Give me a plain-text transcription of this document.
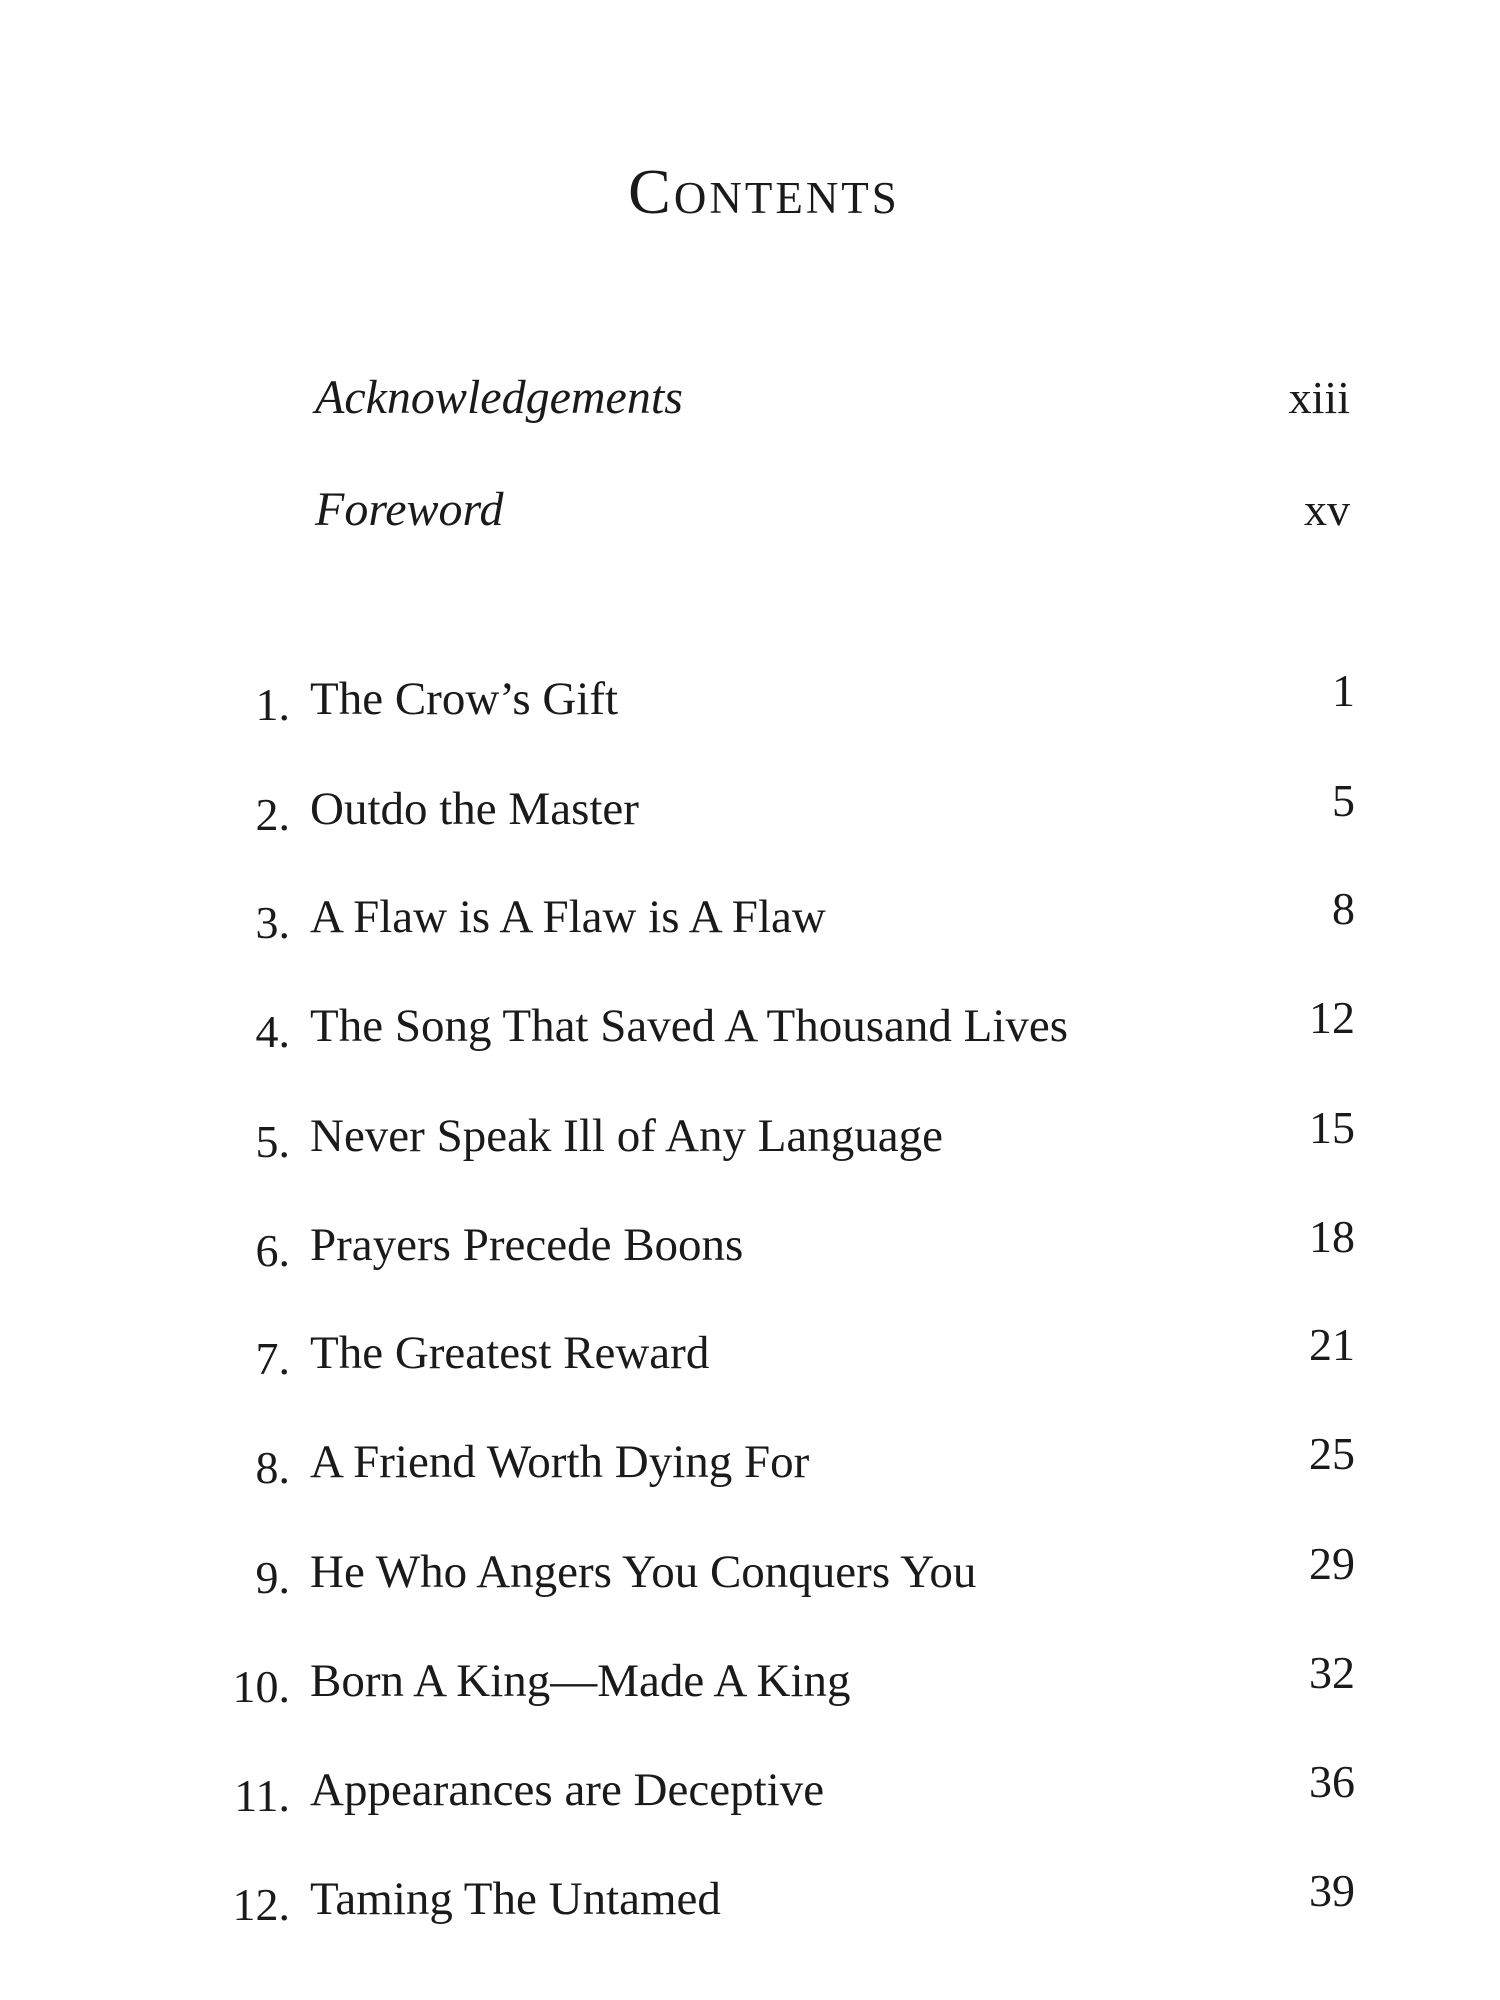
Contents
Acknowledgements	xiii
Foreword	xv
1. The Crow’s Gift	1
2. Outdo the Master	5
3. A Flaw is A Flaw is A Flaw	8
4. The Song That Saved A Thousand Lives	12
5. Never Speak Ill of Any Language	15
6. Prayers Precede Boons	18
7. The Greatest Reward	21
8. A Friend Worth Dying For	25
9. He Who Angers You Conquers You	29
10. Born A King—Made A King	32
11. Appearances are Deceptive	36
12. Taming The Untamed	39
